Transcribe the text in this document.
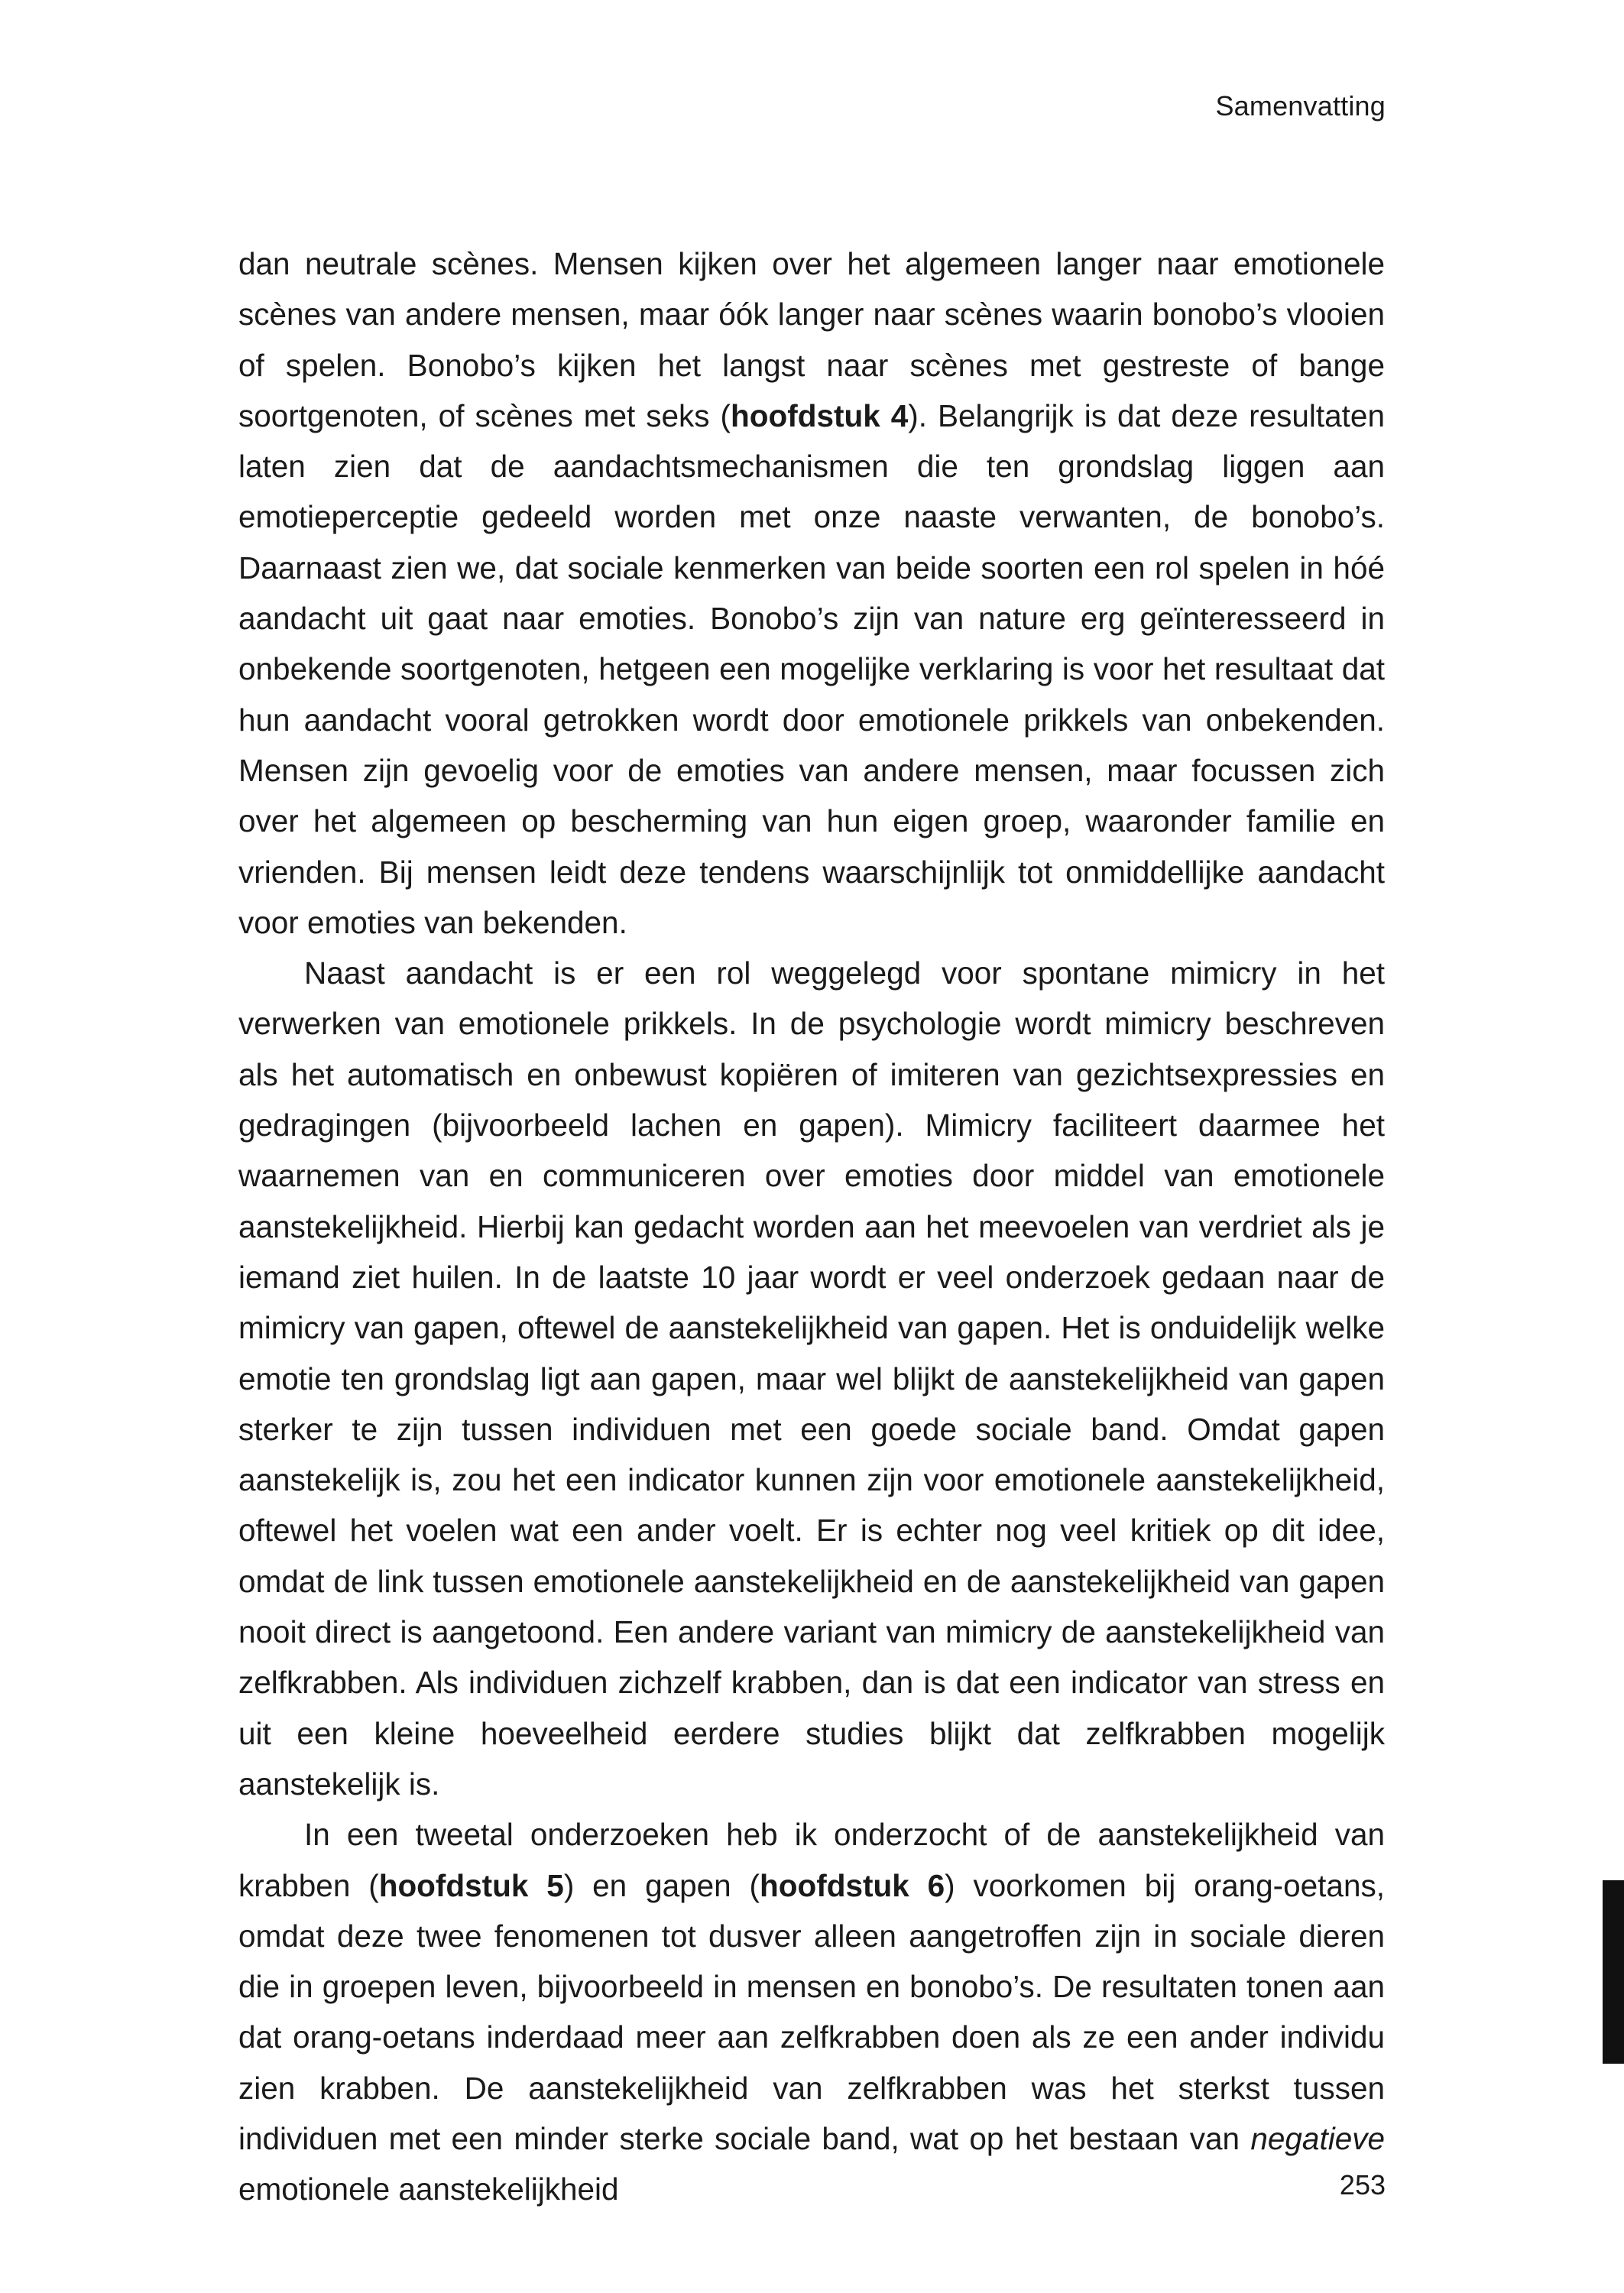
Samenvatting

dan neutrale scènes. Mensen kijken over het algemeen langer naar emotionele scènes van andere mensen, maar óók langer naar scènes waarin bonobo’s vlooien of spelen. Bonobo’s kijken het langst naar scènes met gestreste of bange soortgenoten, of scènes met seks (hoofdstuk 4). Belangrijk is dat deze resultaten laten zien dat de aandachtsmechanismen die ten grondslag liggen aan emotieperceptie gedeeld worden met onze naaste verwanten, de bonobo’s. Daarnaast zien we, dat sociale kenmerken van beide soorten een rol spelen in hóé aandacht uit gaat naar emoties. Bonobo’s zijn van nature erg geïnteresseerd in onbekende soortgenoten, hetgeen een mogelijke verklaring is voor het resultaat dat hun aandacht vooral getrokken wordt door emotionele prikkels van onbekenden. Mensen zijn gevoelig voor de emoties van andere mensen, maar focussen zich over het algemeen op bescherming van hun eigen groep, waaronder familie en vrienden. Bij mensen leidt deze tendens waarschijnlijk tot onmiddellijke aandacht voor emoties van bekenden.

Naast aandacht is er een rol weggelegd voor spontane mimicry in het verwerken van emotionele prikkels. In de psychologie wordt mimicry beschreven als het automatisch en onbewust kopiëren of imiteren van gezichtsexpressies en gedragingen (bijvoorbeeld lachen en gapen). Mimicry faciliteert daarmee het waarnemen van en communiceren over emoties door middel van emotionele aanstekelijkheid. Hierbij kan gedacht worden aan het meevoelen van verdriet als je iemand ziet huilen. In de laatste 10 jaar wordt er veel onderzoek gedaan naar de mimicry van gapen, oftewel de aanstekelijkheid van gapen. Het is onduidelijk welke emotie ten grondslag ligt aan gapen, maar wel blijkt de aanstekelijkheid van gapen sterker te zijn tussen individuen met een goede sociale band. Omdat gapen aanstekelijk is, zou het een indicator kunnen zijn voor emotionele aanstekelijkheid, oftewel het voelen wat een ander voelt. Er is echter nog veel kritiek op dit idee, omdat de link tussen emotionele aanstekelijkheid en de aanstekelijkheid van gapen nooit direct is aangetoond. Een andere variant van mimicry de aanstekelijkheid van zelfkrabben. Als individuen zichzelf krabben, dan is dat een indicator van stress en uit een kleine hoeveelheid eerdere studies blijkt dat zelfkrabben mogelijk aanstekelijk is.

In een tweetal onderzoeken heb ik onderzocht of de aanstekelijkheid van krabben (hoofdstuk 5) en gapen (hoofdstuk 6) voorkomen bij orang-oetans, omdat deze twee fenomenen tot dusver alleen aangetroffen zijn in sociale dieren die in groepen leven, bijvoorbeeld in mensen en bonobo’s. De resultaten tonen aan dat orang-oetans inderdaad meer aan zelfkrabben doen als ze een ander individu zien krabben. De aanstekelijkheid van zelfkrabben was het sterkst tussen individuen met een minder sterke sociale band, wat op het bestaan van negatieve emotionele aanstekelijkheid	253
